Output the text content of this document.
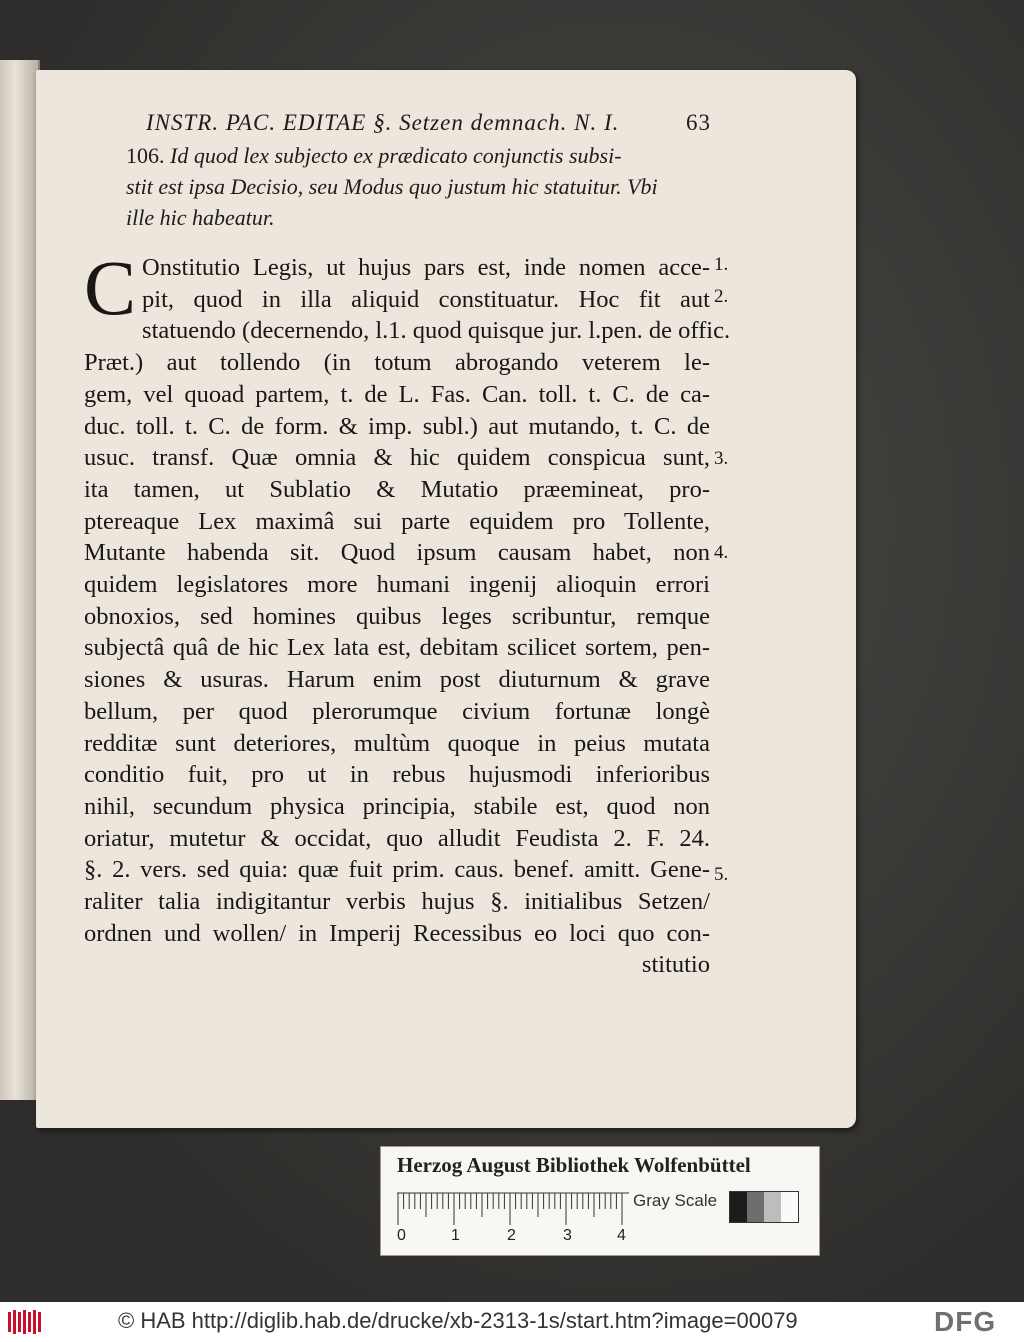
INSTR. PAC. EDITAE §. Setzen demnach. N. I.	63
106. Id quod lex subjecto ex prædicato conjunctis subsi-
stit est ipsa Decisio, seu Modus quo justum hic statuitur. Vbi
ille hic habeatur.
C Onstitutio Legis, ut hujus pars est, inde nomen acce-
pit, quod in illa aliquid constituatur. Hoc fit aut
statuendo (decernendo, l.1. quod quisque jur. l.pen. de offic.
Præt.) aut tollendo (in totum abrogando veterem le-
gem, vel quoad partem, t. de L. Fas. Can. toll. t. C. de ca-
duc. toll. t. C. de form. & imp. subl.) aut mutando, t. C. de
usuc. transf. Quæ omnia & hic quidem conspicua sunt,
ita tamen, ut Sublatio & Mutatio præemineat, pro-
ptereaque Lex maximâ sui parte equidem pro Tollente,
Mutante habenda sit. Quod ipsum causam habet, non
quidem legislatores more humani ingenij alioquin errori
obnoxios, sed homines quibus leges scribuntur, remque
subjectâ quâ de hic Lex lata est, debitam scilicet sortem, pen-
siones & usuras. Harum enim post diuturnum & grave
bellum, per quod plerorumque civium fortunæ longè
redditæ sunt deteriores, multùm quoque in peius mutata
conditio fuit, pro ut in rebus hujusmodi inferioribus
nihil, secundum physica principia, stabile est, quod non
oriatur, mutetur & occidat, quo alludit Feudista 2. F. 24.
§. 2. vers. sed quia: quæ fuit prim. caus. benef. amitt. Gene-
raliter talia indigitantur verbis hujus §. initialibus Setzen/
ordnen und wollen/ in Imperij Recessibus eo loci quo con-
stitutio
1.
2.
3.
4.
5.
Herzog August Bibliothek Wolfenbüttel
Gray Scale
0	1	2	3	4
© HAB http://diglib.hab.de/drucke/xb-2313-1s/start.htm?image=00079	DFG
